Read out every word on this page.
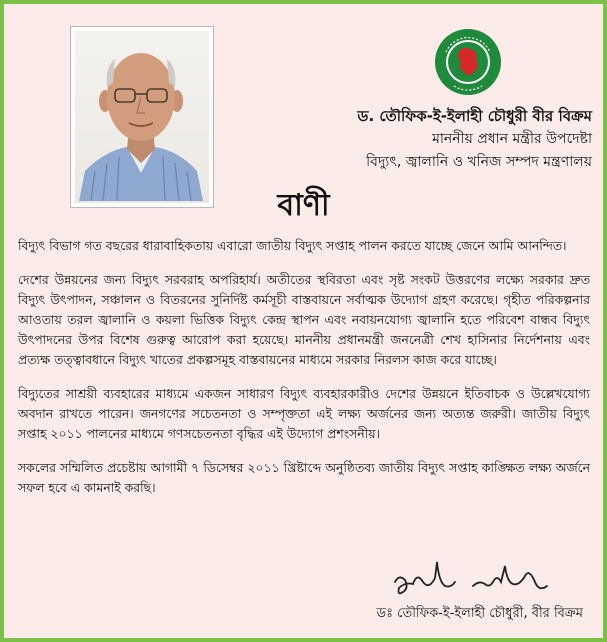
ড. তৌফিক-ই-ইলাহী চৌধুরী বীর বিক্রম
মাননীয় প্রধান মন্ত্রীর উপদেষ্টা
বিদ্যুৎ, জ্বালানি ও খনিজ সম্পদ মন্ত্রণালয়
বাণী

বিদ্যুৎ বিভাগ গত বছরের ধারাবাহিকতায় এবারো জাতীয় বিদ্যুৎ সপ্তাহ পালন করতে যাচ্ছে জেনে আমি আনন্দিত।

দেশের উন্নয়নের জন্য বিদ্যুৎ সরবরাহ অপরিহার্য। অতীতের স্থবিরতা এবং সৃষ্ট সংকট উত্তরণের লক্ষ্যে সরকার দ্রুত বিদ্যুৎ উৎপাদন, সঞ্চালন ও বিতরনের সুনির্দিষ্ট কর্মসূচী বাস্তবায়নে সর্বাত্মক উদ্যোগ গ্রহণ করেছে। গৃহীত পরিকল্পনার আওতায় তরল জ্বালানি ও কয়লা ভিত্তিক বিদ্যুৎ কেন্দ্র স্থাপন এবং নবায়নযোগ্য জ্বালানি হতে পরিবেশ বান্ধব বিদ্যুৎ উৎপাদনের উপর বিশেষ গুরুত্ব আরোপ করা হয়েছে। মাননীয় প্রধানমন্ত্রী জননেত্রী শেখ হাসিনার নির্দেশনায় এবং প্রত্যক্ষ তত্ত্বাবধানে বিদ্যুৎ খাতের প্রকল্পসমূহ বাস্তবায়নের মাধ্যমে সরকার নিরলস কাজ করে যাচ্ছে।

বিদ্যুতের সাশ্রয়ী ব্যবহারের মাধ্যমে একজন সাধারণ বিদ্যুৎ ব্যবহারকারীও দেশের উন্নয়নে ইতিবাচক ও উল্লেখযোগ্য অবদান রাখতে পারেন। জনগণের সচেতনতা ও সম্পৃক্ততা এই লক্ষ্য অর্জনের জন্য অত্যন্ত জরুরী। জাতীয় বিদ্যুৎ সপ্তাহ ২০১১ পালনের মাধ্যমে গণসচেতনতা বৃদ্ধির এই উদ্যোগ প্রশংসনীয়।

সকলের সম্মিলিত প্রচেষ্টায় আগামী ৭ ডিসেম্বর ২০১১ খ্রিষ্টাব্দে অনুষ্ঠিতব্য জাতীয় বিদ্যুৎ সপ্তাহ কাঙ্ক্ষিত লক্ষ্য অর্জনে সফল হবে এ কামনাই করছি।

ডঃ তৌফিক-ই-ইলাহী চৌধুরী, বীর বিক্রম
